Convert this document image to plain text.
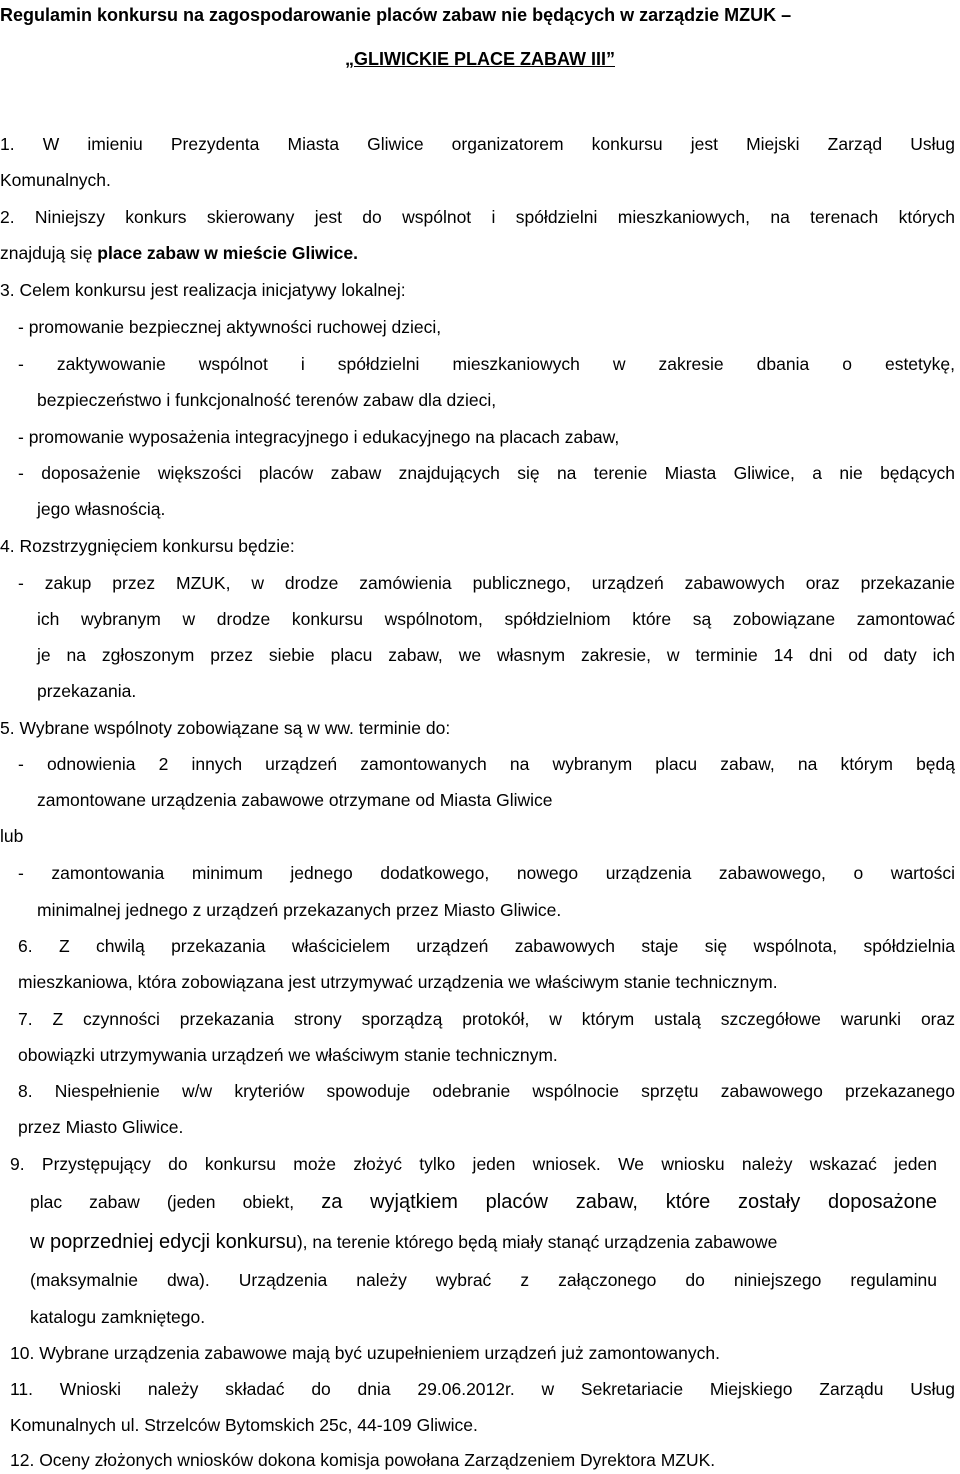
Regulamin konkursu na zagospodarowanie placów zabaw nie będących w zarządzie MZUK –
„GLIWICKIE PLACE ZABAW III”
1. W imieniu Prezydenta Miasta Gliwice organizatorem konkursu jest Miejski Zarząd Usług
Komunalnych.
2. Niniejszy konkurs skierowany jest do wspólnot i spółdzielni mieszkaniowych, na terenach których
znajdują się place zabaw w mieście Gliwice.
3. Celem konkursu jest realizacja inicjatywy lokalnej:
- promowanie bezpiecznej aktywności ruchowej dzieci,
- zaktywowanie wspólnot i spółdzielni mieszkaniowych w zakresie dbania o estetykę,
bezpieczeństwo i funkcjonalność terenów zabaw dla dzieci,
- promowanie wyposażenia integracyjnego i edukacyjnego na placach zabaw,
- doposażenie większości placów zabaw znajdujących się na terenie Miasta Gliwice, a nie będących
jego własnością.
4. Rozstrzygnięciem konkursu będzie:
- zakup przez MZUK, w drodze zamówienia publicznego, urządzeń zabawowych oraz przekazanie
ich wybranym w drodze konkursu wspólnotom, spółdzielniom które są zobowiązane zamontować
je na zgłoszonym przez siebie placu zabaw, we własnym zakresie, w terminie 14 dni od daty ich
przekazania.
5. Wybrane wspólnoty zobowiązane są w ww. terminie do:
- odnowienia 2 innych urządzeń zamontowanych na wybranym placu zabaw, na którym będą
zamontowane urządzenia zabawowe otrzymane od Miasta Gliwice
lub
- zamontowania minimum jednego dodatkowego, nowego urządzenia zabawowego, o wartości
minimalnej jednego z urządzeń przekazanych przez Miasto Gliwice.
6. Z chwilą przekazania właścicielem urządzeń zabawowych staje się wspólnota, spółdzielnia
mieszkaniowa, która zobowiązana jest utrzymywać urządzenia we właściwym stanie technicznym.
7. Z czynności przekazania strony sporządzą protokół, w którym ustalą szczegółowe warunki oraz
obowiązki utrzymywania urządzeń we właściwym stanie technicznym.
8. Niespełnienie w/w kryteriów spowoduje odebranie wspólnocie sprzętu zabawowego przekazanego
przez Miasto Gliwice.
9. Przystępujący do konkursu może złożyć tylko jeden wniosek. We wniosku należy wskazać jeden
plac zabaw (jeden obiekt, za wyjątkiem placów zabaw, które zostały doposażone
w poprzedniej edycji konkursu), na terenie którego będą miały stanąć urządzenia zabawowe
(maksymalnie dwa). Urządzenia należy wybrać z załączonego do niniejszego regulaminu
katalogu zamkniętego.
10. Wybrane urządzenia zabawowe mają być uzupełnieniem urządzeń już zamontowanych.
11. Wnioski należy składać do dnia 29.06.2012r. w Sekretariacie Miejskiego Zarządu Usług
Komunalnych ul. Strzelców Bytomskich 25c, 44-109 Gliwice.
12. Oceny złożonych wniosków dokona komisja powołana Zarządzeniem Dyrektora MZUK.
